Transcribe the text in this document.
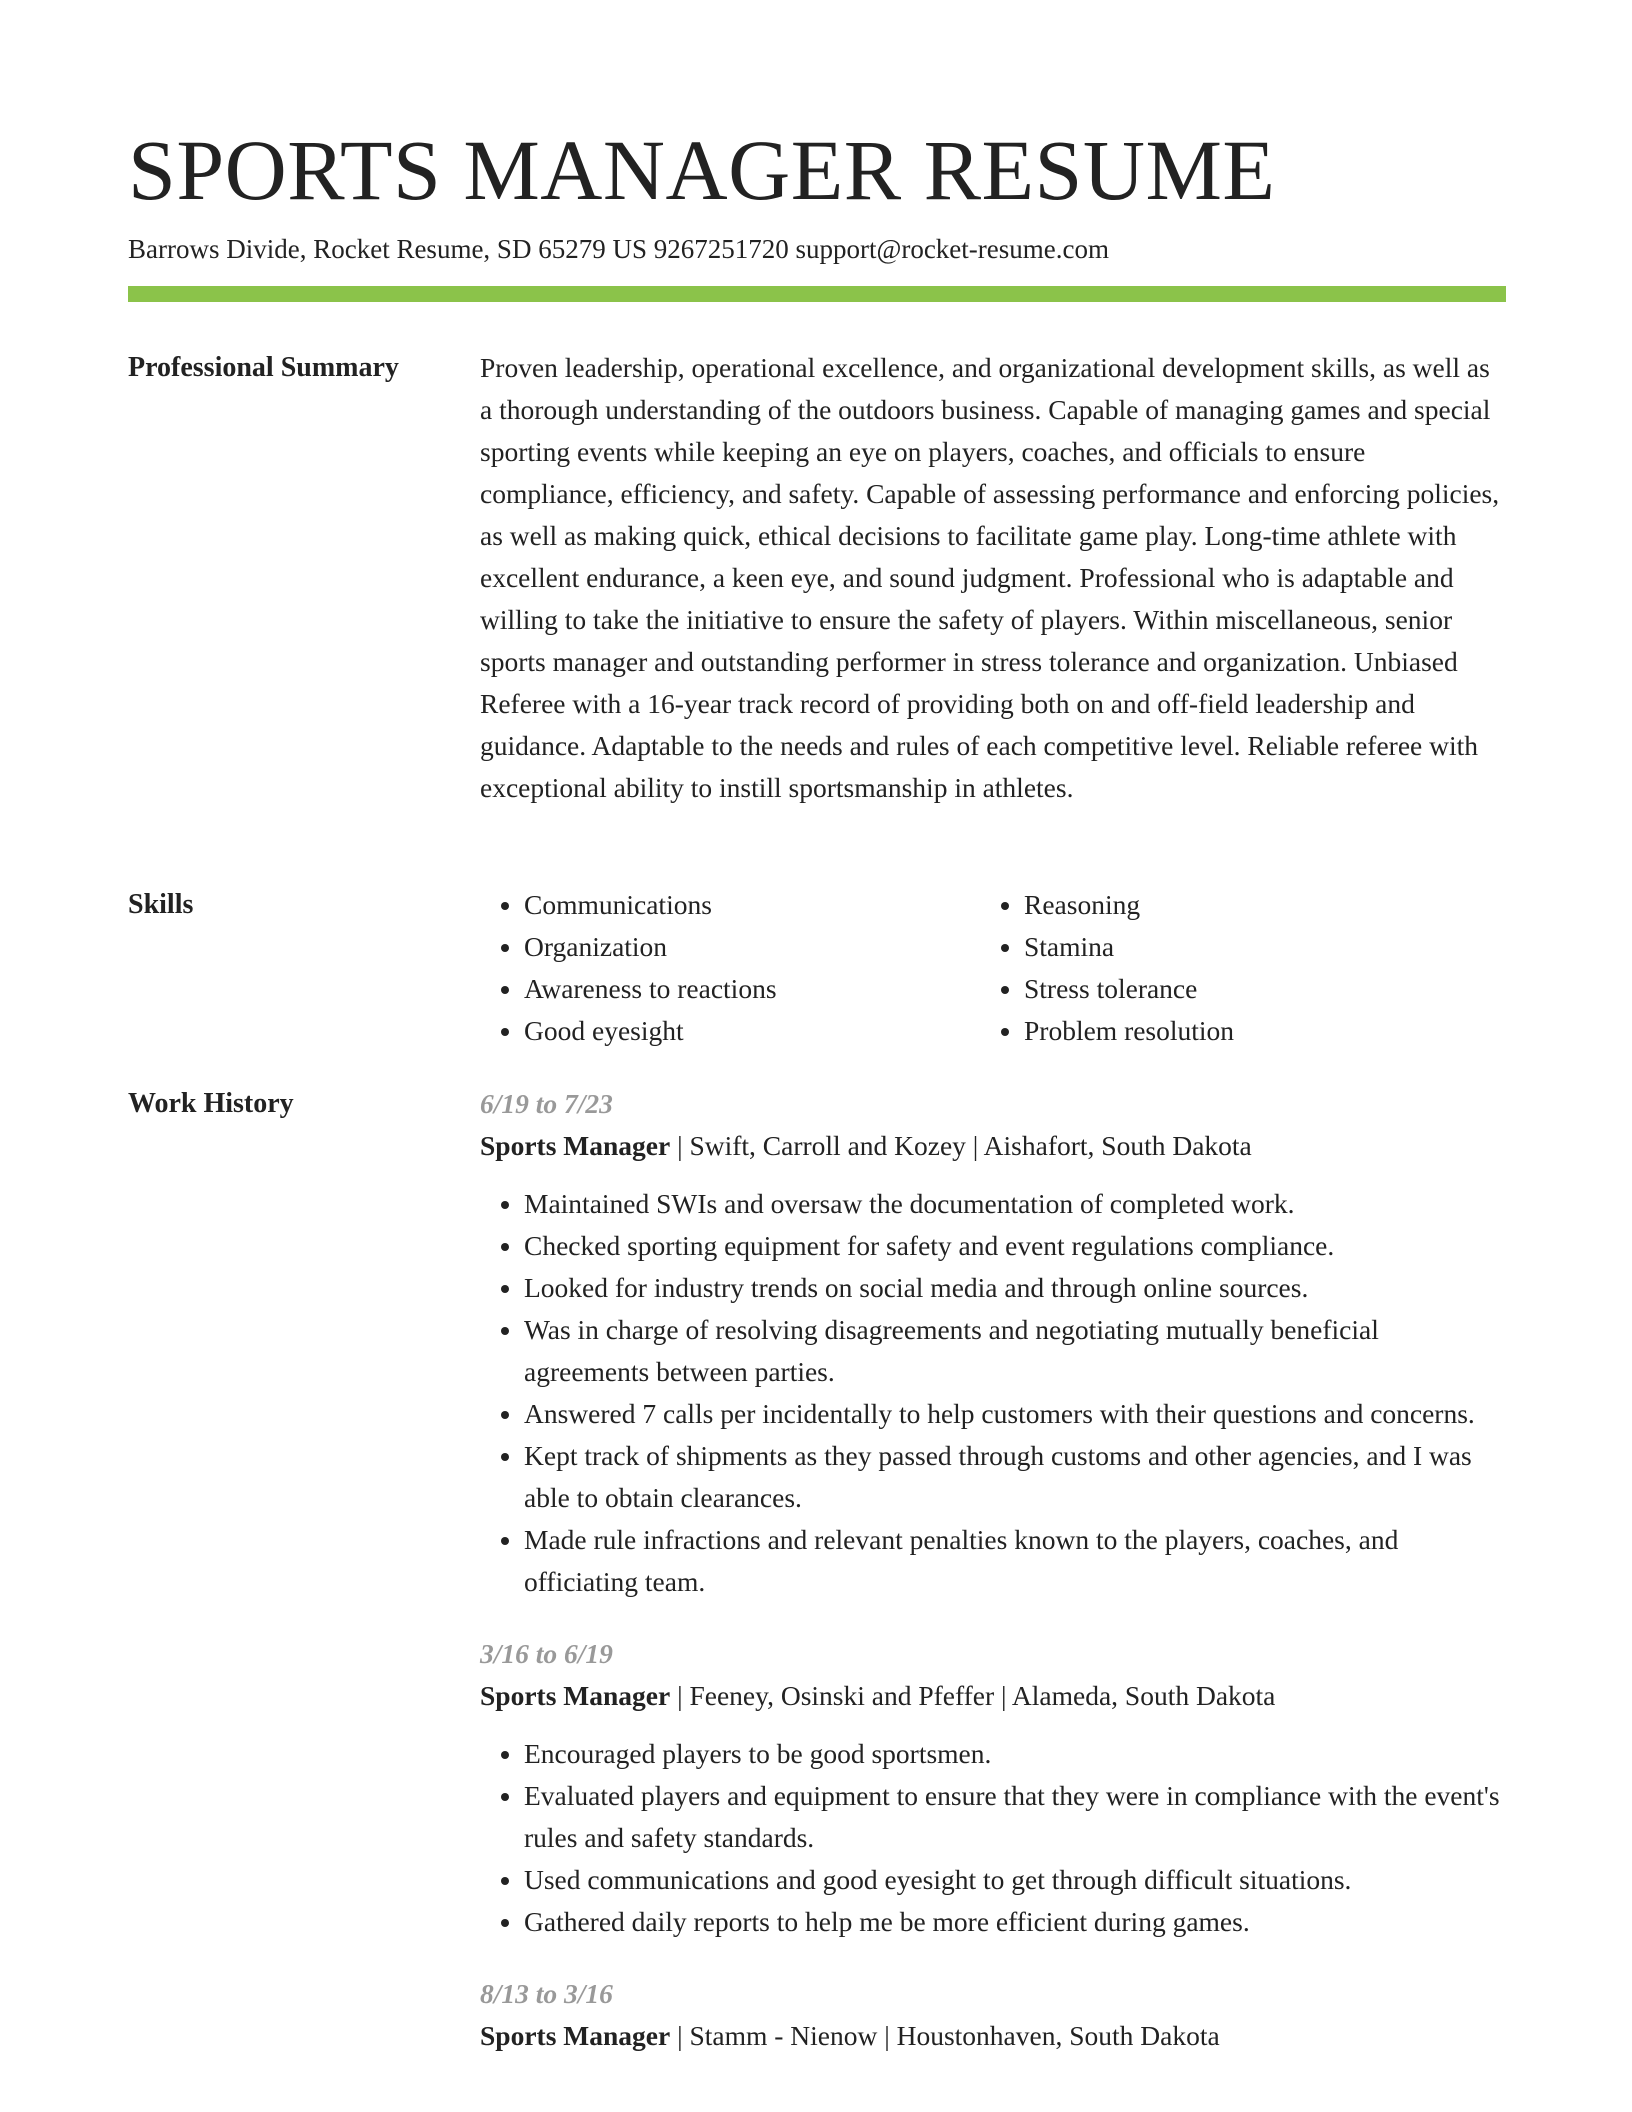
SPORTS MANAGER RESUME
Barrows Divide, Rocket Resume, SD 65279 US 9267251720 support@rocket-resume.com
Professional Summary	Proven leadership, operational excellence, and organizational development skills, as well as a thorough understanding of the outdoors business. Capable of managing games and special sporting events while keeping an eye on players, coaches, and officials to ensure compliance, efficiency, and safety. Capable of assessing performance and enforcing policies, as well as making quick, ethical decisions to facilitate game play. Long-time athlete with excellent endurance, a keen eye, and sound judgment. Professional who is adaptable and willing to take the initiative to ensure the safety of players. Within miscellaneous, senior sports manager and outstanding performer in stress tolerance and organization. Unbiased Referee with a 16-year track record of providing both on and off-field leadership and guidance. Adaptable to the needs and rules of each competitive level. Reliable referee with exceptional ability to instill sportsmanship in athletes.

Skills
•	Communications
• Organization
• Awareness to reactions
• Good eyesight
• Reasoning
• Stamina
• Stress tolerance
• Problem resolution
Work History	6/19 to 7/23
Sports Manager | Swift, Carroll and Kozey | Aishafort, South Dakota
• Maintained SWIs and oversaw the documentation of completed work.
• Checked sporting equipment for safety and event regulations compliance.
• Looked for industry trends on social media and through online sources.
• Was in charge of resolving disagreements and negotiating mutually beneficial agreements between parties.
• Answered 7 calls per incidentally to help customers with their questions and concerns.
• Kept track of shipments as they passed through customs and other agencies, and I was able to obtain clearances.
• Made rule infractions and relevant penalties known to the players, coaches, and officiating team.
3/16 to 6/19
Sports Manager | Feeney, Osinski and Pfeffer | Alameda, South Dakota
• Encouraged players to be good sportsmen.
• Evaluated players and equipment to ensure that they were in compliance with the event's rules and safety standards.
• Used communications and good eyesight to get through difficult situations.
• Gathered daily reports to help me be more efficient during games.
8/13 to 3/16
Sports Manager | Stamm - Nienow | Houstonhaven, South Dakota
